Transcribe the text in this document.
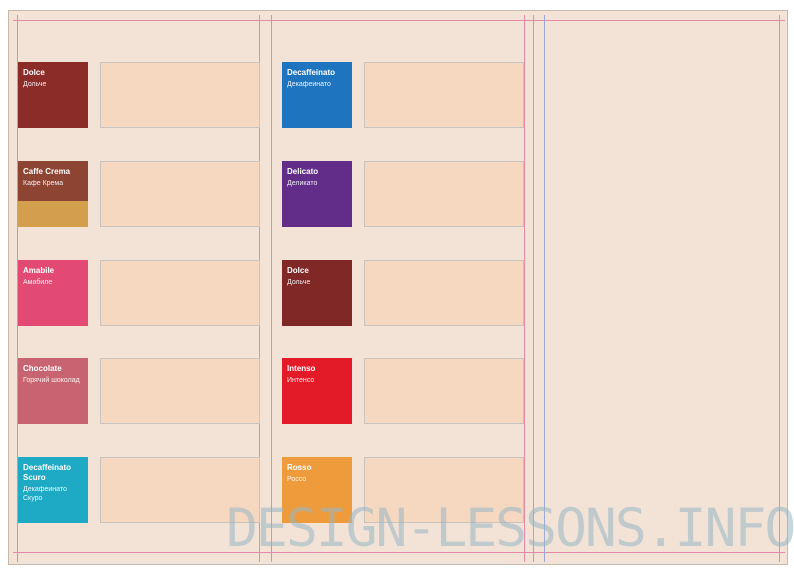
Dolce
Дольче
Caffe Crema
Кафе Крема
Amabile
Амабиле
Chocolate
Горячий шоколад
Decaffeinato Scuro
Декафеинато Скуро
Decaffeinato
Декафеинато
Delicato
Деликато
Dolce
Дольче
Intenso
Интенсо
Rosso
Россо
DESIGN-LESSONS.INFO
